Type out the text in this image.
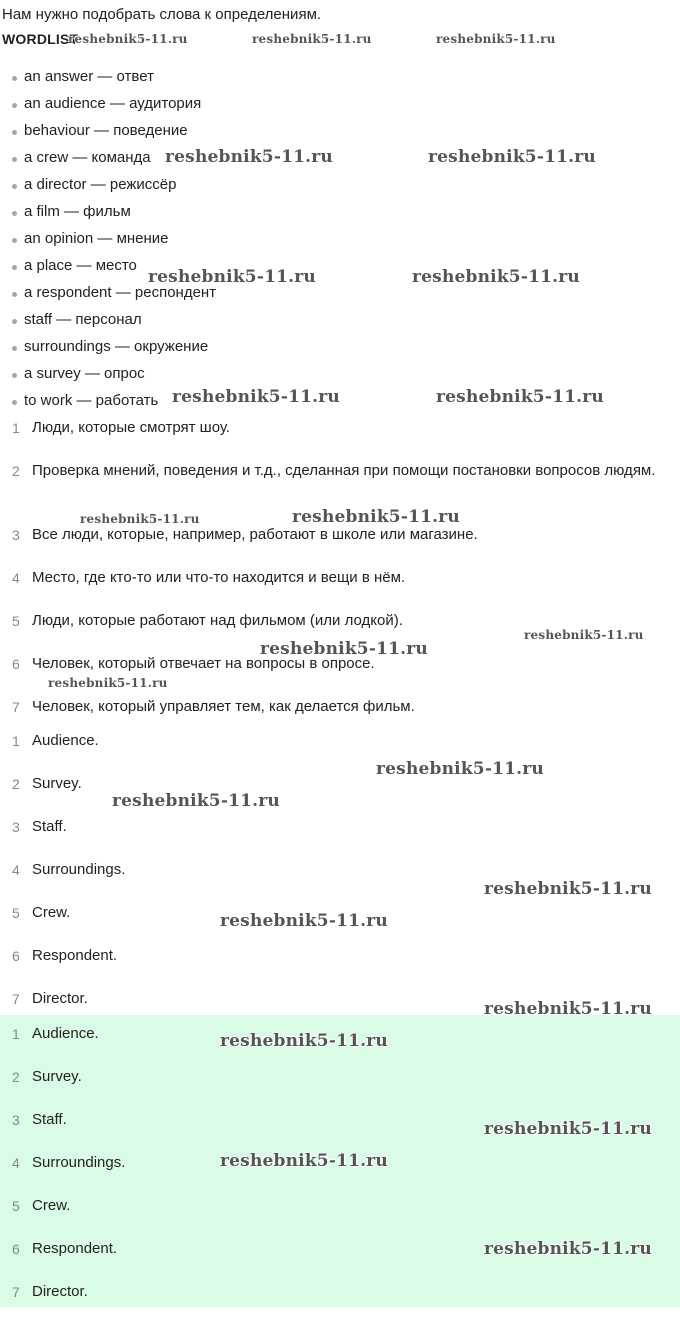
Нам нужно подобрать слова к определениям.
WORDLIST
an answer — ответ
an audience — аудитория
behaviour — поведение
a crew — команда
a director — режиссёр
a film — фильм
an opinion — мнение
a place — место
a respondent — респондент
staff — персонал
surroundings — окружение
a survey — опрос
to work — работать
1 Люди, которые смотрят шоу.
2 Проверка мнений, поведения и т.д., сделанная при помощи постановки вопросов людям.
3 Все люди, которые, например, работают в школе или магазине.
4 Место, где кто-то или что-то находится и вещи в нём.
5 Люди, которые работают над фильмом (или лодкой).
6 Человек, который отвечает на вопросы в опросе.
7 Человек, который управляет тем, как делается фильм.
1 Audience.
2 Survey.
3 Staff.
4 Surroundings.
5 Crew.
6 Respondent.
7 Director.
1 Audience.
2 Survey.
3 Staff.
4 Surroundings.
5 Crew.
6 Respondent.
7 Director.
reshebnik5-11.ru	reshebnik5-11.ru	reshebnik5-11.ru
reshebnik5-11.ru	reshebnik5-11.ru
reshebnik5-11.ru	reshebnik5-11.ru
reshebnik5-11.ru	reshebnik5-11.ru
reshebnik5-11.ru	reshebnik5-11.ru
reshebnik5-11.ru
reshebnik5-11.ru
reshebnik5-11.ru
reshebnik5-11.ru
reshebnik5-11.ru
reshebnik5-11.ru
reshebnik5-11.ru
reshebnik5-11.ru
reshebnik5-11.ru
reshebnik5-11.ru
reshebnik5-11.ru
reshebnik5-11.ru
